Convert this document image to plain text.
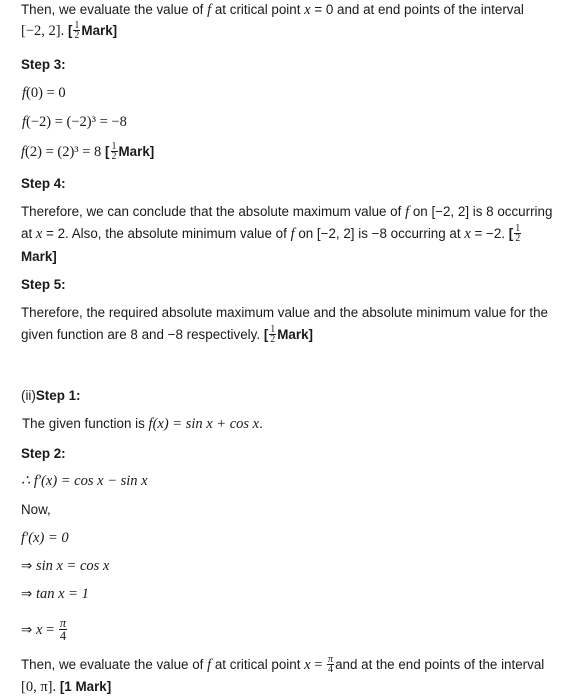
Then, we evaluate the value of f at critical point x = 0 and at end points of the interval
[−2, 2]. [ $\frac{1}{2}$ Mark]
Step 3:
f(0) = 0
f(−2) = (−2)³ = −8
f(2) = (2)³ = 8 [ $\frac{1}{2}$ Mark]
Step 4:
Therefore, we can conclude that the absolute maximum value of f on [−2, 2] is 8 occurring
at x = 2. Also, the absolute minimum value of f on [−2, 2] is −8 occurring at x = −2. [ $\frac{1}{2}$
Mark]
Step 5:
Therefore, the required absolute maximum value and the absolute minimum value for the
given function are 8 and −8 respectively. [ $\frac{1}{2}$ Mark]
(ii)Step 1:
The given function is f(x) = sin x + cos x.
Step 2:
∴ f′(x) = cos x − sin x
Now,
f′(x) = 0
⇒ sin x = cos x
⇒ tan x = 1
⇒ $x = \frac{\pi}{4}$
Then, we evaluate the value of f at critical point $x = \frac{\pi}{4}$ and at the end points of the interval
[0, π]. [1 Mark]
